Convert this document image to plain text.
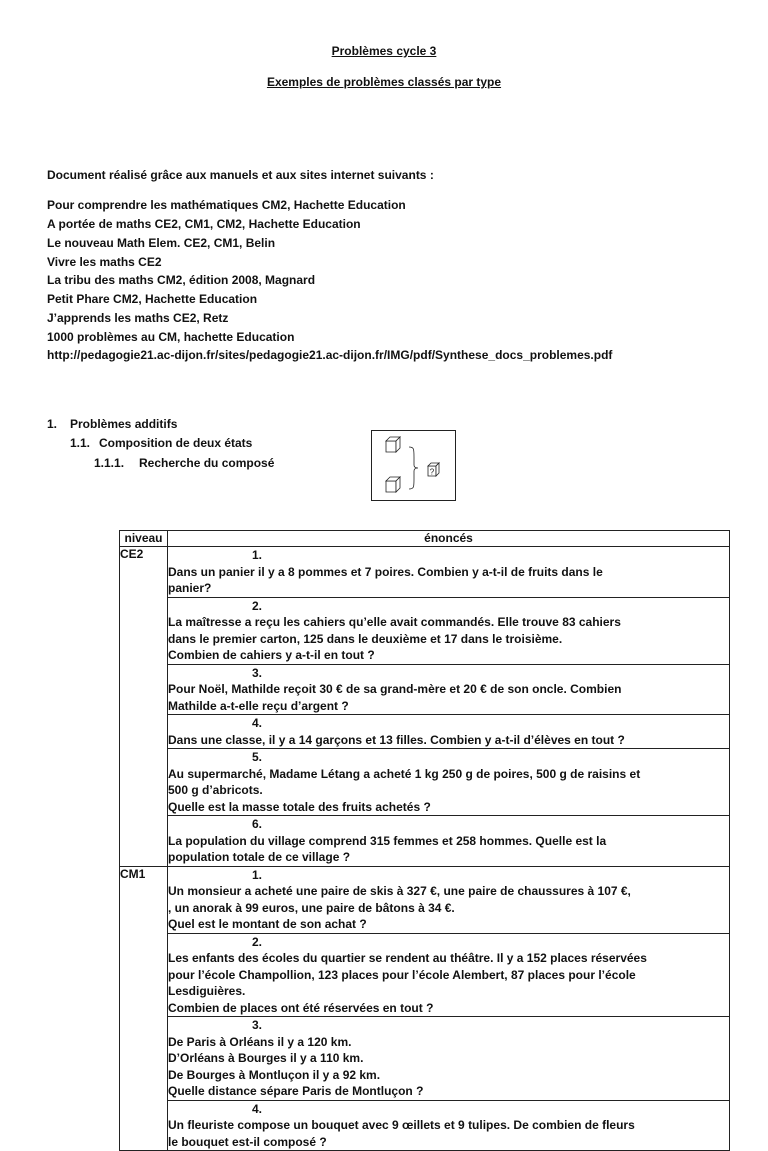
Problèmes cycle 3
Exemples de problèmes classés par type
Document réalisé grâce aux manuels et aux sites internet suivants :
Pour comprendre les mathématiques CM2, Hachette Education
A portée de maths CE2, CM1, CM2, Hachette Education
Le nouveau Math Elem. CE2, CM1, Belin
Vivre les maths CE2
La tribu des maths CM2, édition 2008, Magnard
Petit Phare CM2, Hachette Education
J’apprends les maths CE2, Retz
1000 problèmes au CM, hachette Education
http://pedagogie21.ac-dijon.fr/sites/pedagogie21.ac-dijon.fr/IMG/pdf/Synthese_docs_problemes.pdf
1. Problèmes additifs
1.1. Composition de deux états
1.1.1. Recherche du composé
?
niveau	énoncés
CE2	1.
Dans un panier il y a 8 pommes et 7 poires. Combien y a-t-il de fruits dans le
panier?

	2.
La maîtresse a reçu les cahiers qu’elle avait commandés. Elle trouve 83 cahiers
dans le premier carton, 125 dans le deuxième et 17 dans le troisième.
Combien de cahiers y a-t-il en tout ?

	3.
Pour Noël, Mathilde reçoit 30 € de sa grand-mère et 20 € de son oncle. Combien
Mathilde a-t-elle reçu d’argent ?

	4.
Dans une classe, il y a 14 garçons et 13 filles. Combien y a-t-il d’élèves en tout ?

	5.
Au supermarché, Madame Létang a acheté 1 kg 250 g de poires, 500 g de raisins et
500 g d’abricots.
Quelle est la masse totale des fruits achetés ?

	6.
La population du village comprend 315 femmes et 258 hommes. Quelle est la
population totale de ce village ?

CM1	1.
Un monsieur a acheté une paire de skis à 327 €, une paire de chaussures à 107 €,
, un anorak à 99 euros, une paire de bâtons à 34 €.
Quel est le montant de son achat ?

	2.
Les enfants des écoles du quartier se rendent au théâtre. Il y a 152 places réservées
pour l’école Champollion, 123 places pour l’école Alembert, 87 places pour l’école
Lesdiguières.
Combien de places ont été réservées en tout ?

	3.
De Paris à Orléans il y a 120 km.
D’Orléans à Bourges il y a 110 km.
De Bourges à Montluçon il y a 92 km.
Quelle distance sépare Paris de Montluçon ?

	4.
Un fleuriste compose un bouquet avec 9 œillets et 9 tulipes. De combien de fleurs
le bouquet est-il composé ?
